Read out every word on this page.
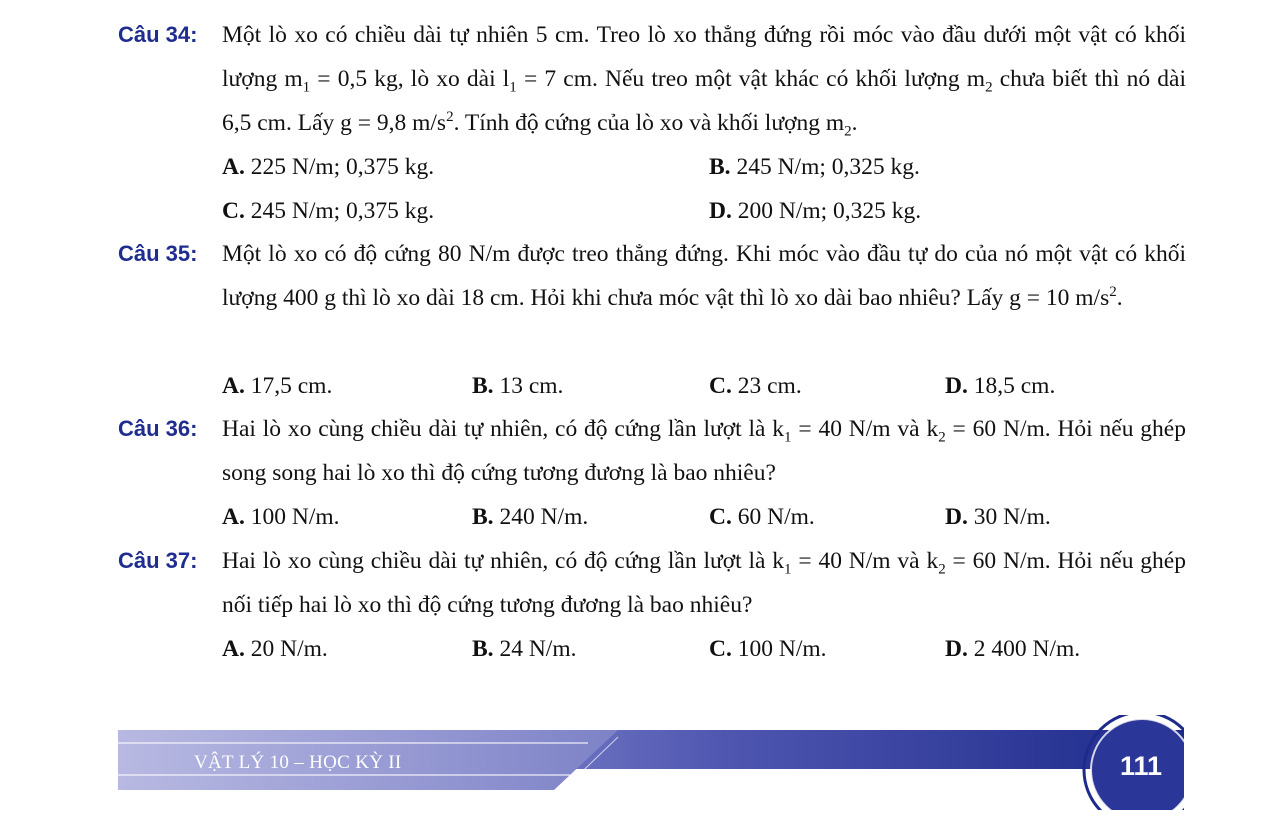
Câu 34: Một lò xo có chiều dài tự nhiên 5 cm. Treo lò xo thẳng đứng rồi móc vào đầu dưới một vật có khối lượng $m_1 = 0,5$ kg, lò xo dài $l_1 = 7$ cm. Nếu treo một vật khác có khối lượng $m_2$ chưa biết thì nó dài 6,5 cm. Lấy g = 9,8 $m/s^2$. Tính độ cứng của lò xo và khối lượng $m_2$.
A. 225 N/m; 0,375 kg.	B. 245 N/m; 0,325 kg.
C. 245 N/m; 0,375 kg.	D. 200 N/m; 0,325 kg.
Câu 35: Một lò xo có độ cứng 80 N/m được treo thẳng đứng. Khi móc vào đầu tự do của nó một vật có khối lượng 400 g thì lò xo dài 18 cm. Hỏi khi chưa móc vật thì lò xo dài bao nhiêu? Lấy g = 10 $m/s^2$.
A. 17,5 cm.	B. 13 cm.	C. 23 cm.	D. 18,5 cm.
Câu 36: Hai lò xo cùng chiều dài tự nhiên, có độ cứng lần lượt là $k_1 = 40$ N/m và $k_2 = 60$ N/m. Hỏi nếu ghép song song hai lò xo thì độ cứng tương đương là bao nhiêu?
A. 100 N/m.	B. 240 N/m.	C. 60 N/m.	D. 30 N/m.
Câu 37: Hai lò xo cùng chiều dài tự nhiên, có độ cứng lần lượt là $k_1 = 40$ N/m và $k_2 = 60$ N/m. Hỏi nếu ghép nối tiếp hai lò xo thì độ cứng tương đương là bao nhiêu?
A. 20 N/m.	B. 24 N/m.	C. 100 N/m.	D. 2 400 N/m.
VẬT LÝ 10 – HỌC KỲ II	111
